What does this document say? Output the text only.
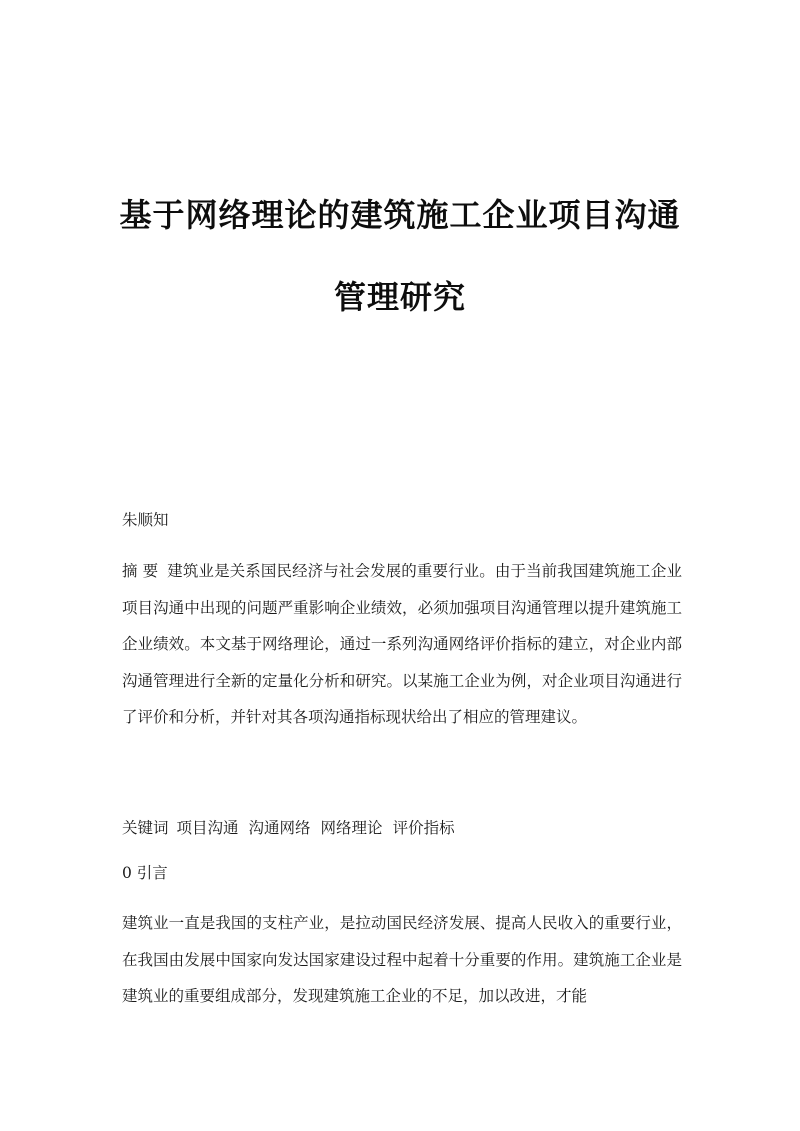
基于网络理论的建筑施工企业项目沟通
管理研究
朱顺知
摘 要 建筑业是关系国民经济与社会发展的重要行业。由于当前我国建筑施工企业项目沟通中出现的问题严重影响企业绩效，必须加强项目沟通管理以提升建筑施工企业绩效。本文基于网络理论，通过一系列沟通网络评价指标的建立，对企业内部沟通管理进行全新的定量化分析和研究。以某施工企业为例，对企业项目沟通进行了评价和分析，并针对其各项沟通指标现状给出了相应的管理建议。
关键词 项目沟通 沟通网络 网络理论 评价指标
0 引言
建筑业一直是我国的支柱产业，是拉动国民经济发展、提高人民收入的重要行业，在我国由发展中国家向发达国家建设过程中起着十分重要的作用。建筑施工企业是建筑业的重要组成部分，发现建筑施工企业的不足，加以改进，才能
